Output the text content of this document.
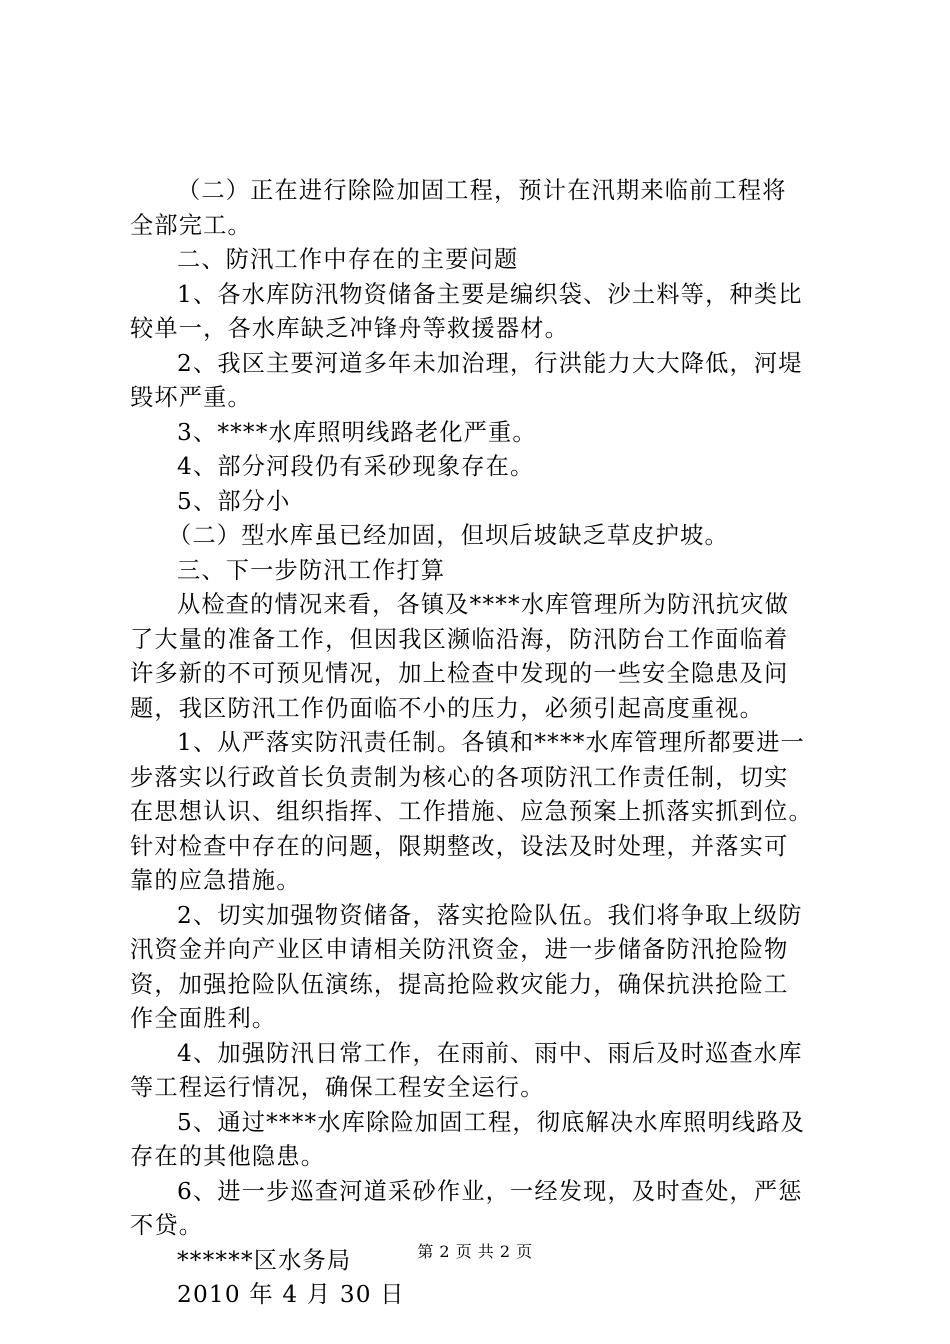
（二）正在进行除险加固工程，预计在汛期来临前工程将
全部完工。
二、防汛工作中存在的主要问题
1、各水库防汛物资储备主要是编织袋、沙土料等，种类比
较单一，各水库缺乏冲锋舟等救援器材。
2、我区主要河道多年未加治理，行洪能力大大降低，河堤
毁坏严重。
3、****水库照明线路老化严重。
4、部分河段仍有采砂现象存在。
5、部分小
（二）型水库虽已经加固，但坝后坡缺乏草皮护坡。
三、下一步防汛工作打算
从检查的情况来看，各镇及****水库管理所为防汛抗灾做
了大量的准备工作，但因我区濒临沿海，防汛防台工作面临着
许多新的不可预见情况，加上检查中发现的一些安全隐患及问
题，我区防汛工作仍面临不小的压力，必须引起高度重视。
1、从严落实防汛责任制。各镇和****水库管理所都要进一
步落实以行政首长负责制为核心的各项防汛工作责任制，切实
在思想认识、组织指挥、工作措施、应急预案上抓落实抓到位。
针对检查中存在的问题，限期整改，设法及时处理，并落实可
靠的应急措施。
2、切实加强物资储备，落实抢险队伍。我们将争取上级防
汛资金并向产业区申请相关防汛资金，进一步储备防汛抢险物
资，加强抢险队伍演练，提高抢险救灾能力，确保抗洪抢险工
作全面胜利。
4、加强防汛日常工作，在雨前、雨中、雨后及时巡查水库
等工程运行情况，确保工程安全运行。
5、通过****水库除险加固工程，彻底解决水库照明线路及
存在的其他隐患。
6、进一步巡查河道采砂作业，一经发现，及时查处，严惩
不贷。
******区水务局
2010 年 4 月 30 日
第 2 页 共 2 页
